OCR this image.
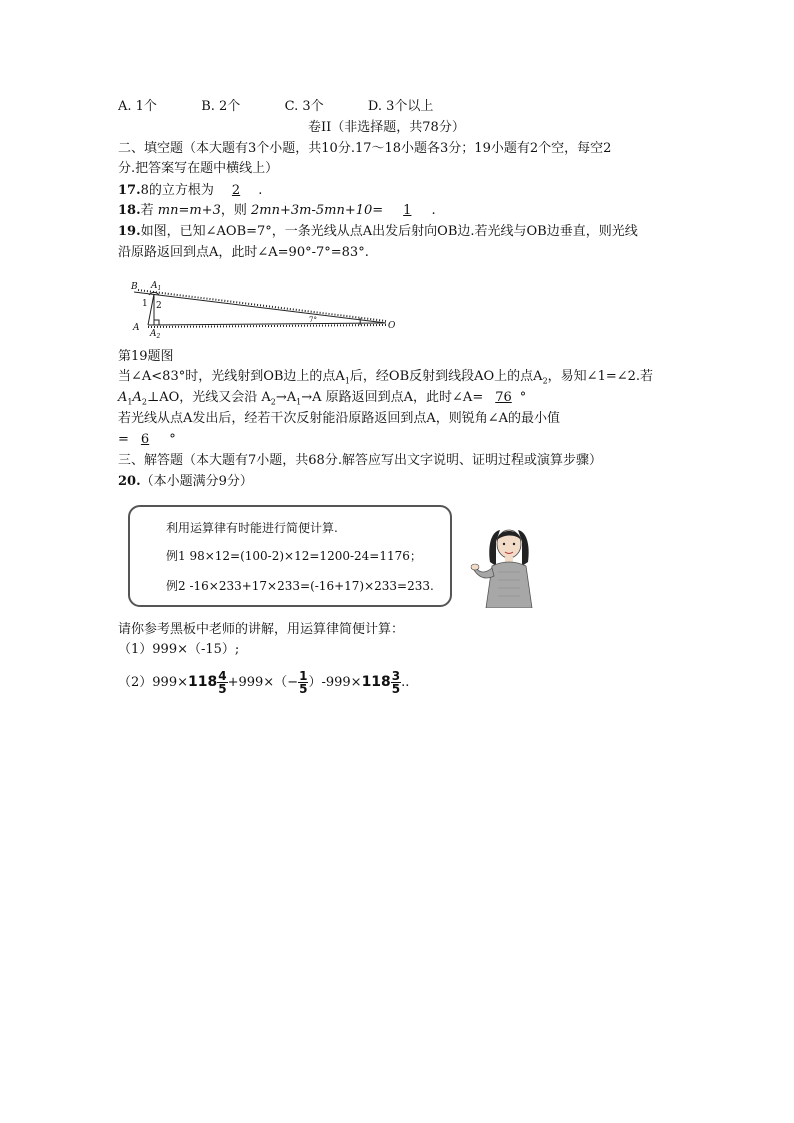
A. 1个	B. 2个	C. 3个	D. 3个以上
卷II（非选择题，共78分）
二、填空题（本大题有3个小题，共10分.17～18小题各3分；19小题有2个空，每空2
分.把答案写在题中横线上）
17.8的立方根为 2 .
18.若 mn=m+3，则 2mn+3m-5mn+10= 1 .
19.如图，已知∠AOB=7°，一条光线从点A出发后射向OB边.若光线与OB边垂直，则光线
沿原路返回到点A，此时∠A=90°-7°=83°.
B $A_1$
1 2
A
$A_2$
O
7°
第19题图
当∠A<83°时，光线射到OB边上的点$A_1$后，经OB反射到线段AO上的点$A_2$，易知∠1=∠2.若
$A_1A_2\perp AO$，光线又会沿 $A_2\to A_1\to A$ 原路返回到点A，此时∠A= 76 °
若光线从点A发出后，经若干次反射能沿原路返回到点A，则锐角∠A的最小值
= 6 °
三、解答题（本大题有7小题，共68分.解答应写出文字说明、证明过程或演算步骤）
20.（本小题满分9分）
利用运算律有时能进行简便计算.
例1 98×12=(100-2)×12=1200-24=1176；
例2 -16×233+17×233=(-16+17)×233=233.
请你参考黑板中老师的讲解，用运算律简便计算：
（1）999×（-15）;
$(2)999\times 118 \frac{4}{5} +999\times(- \frac{1}{5} )-999\times 118 \frac{3}{5}$ ..
